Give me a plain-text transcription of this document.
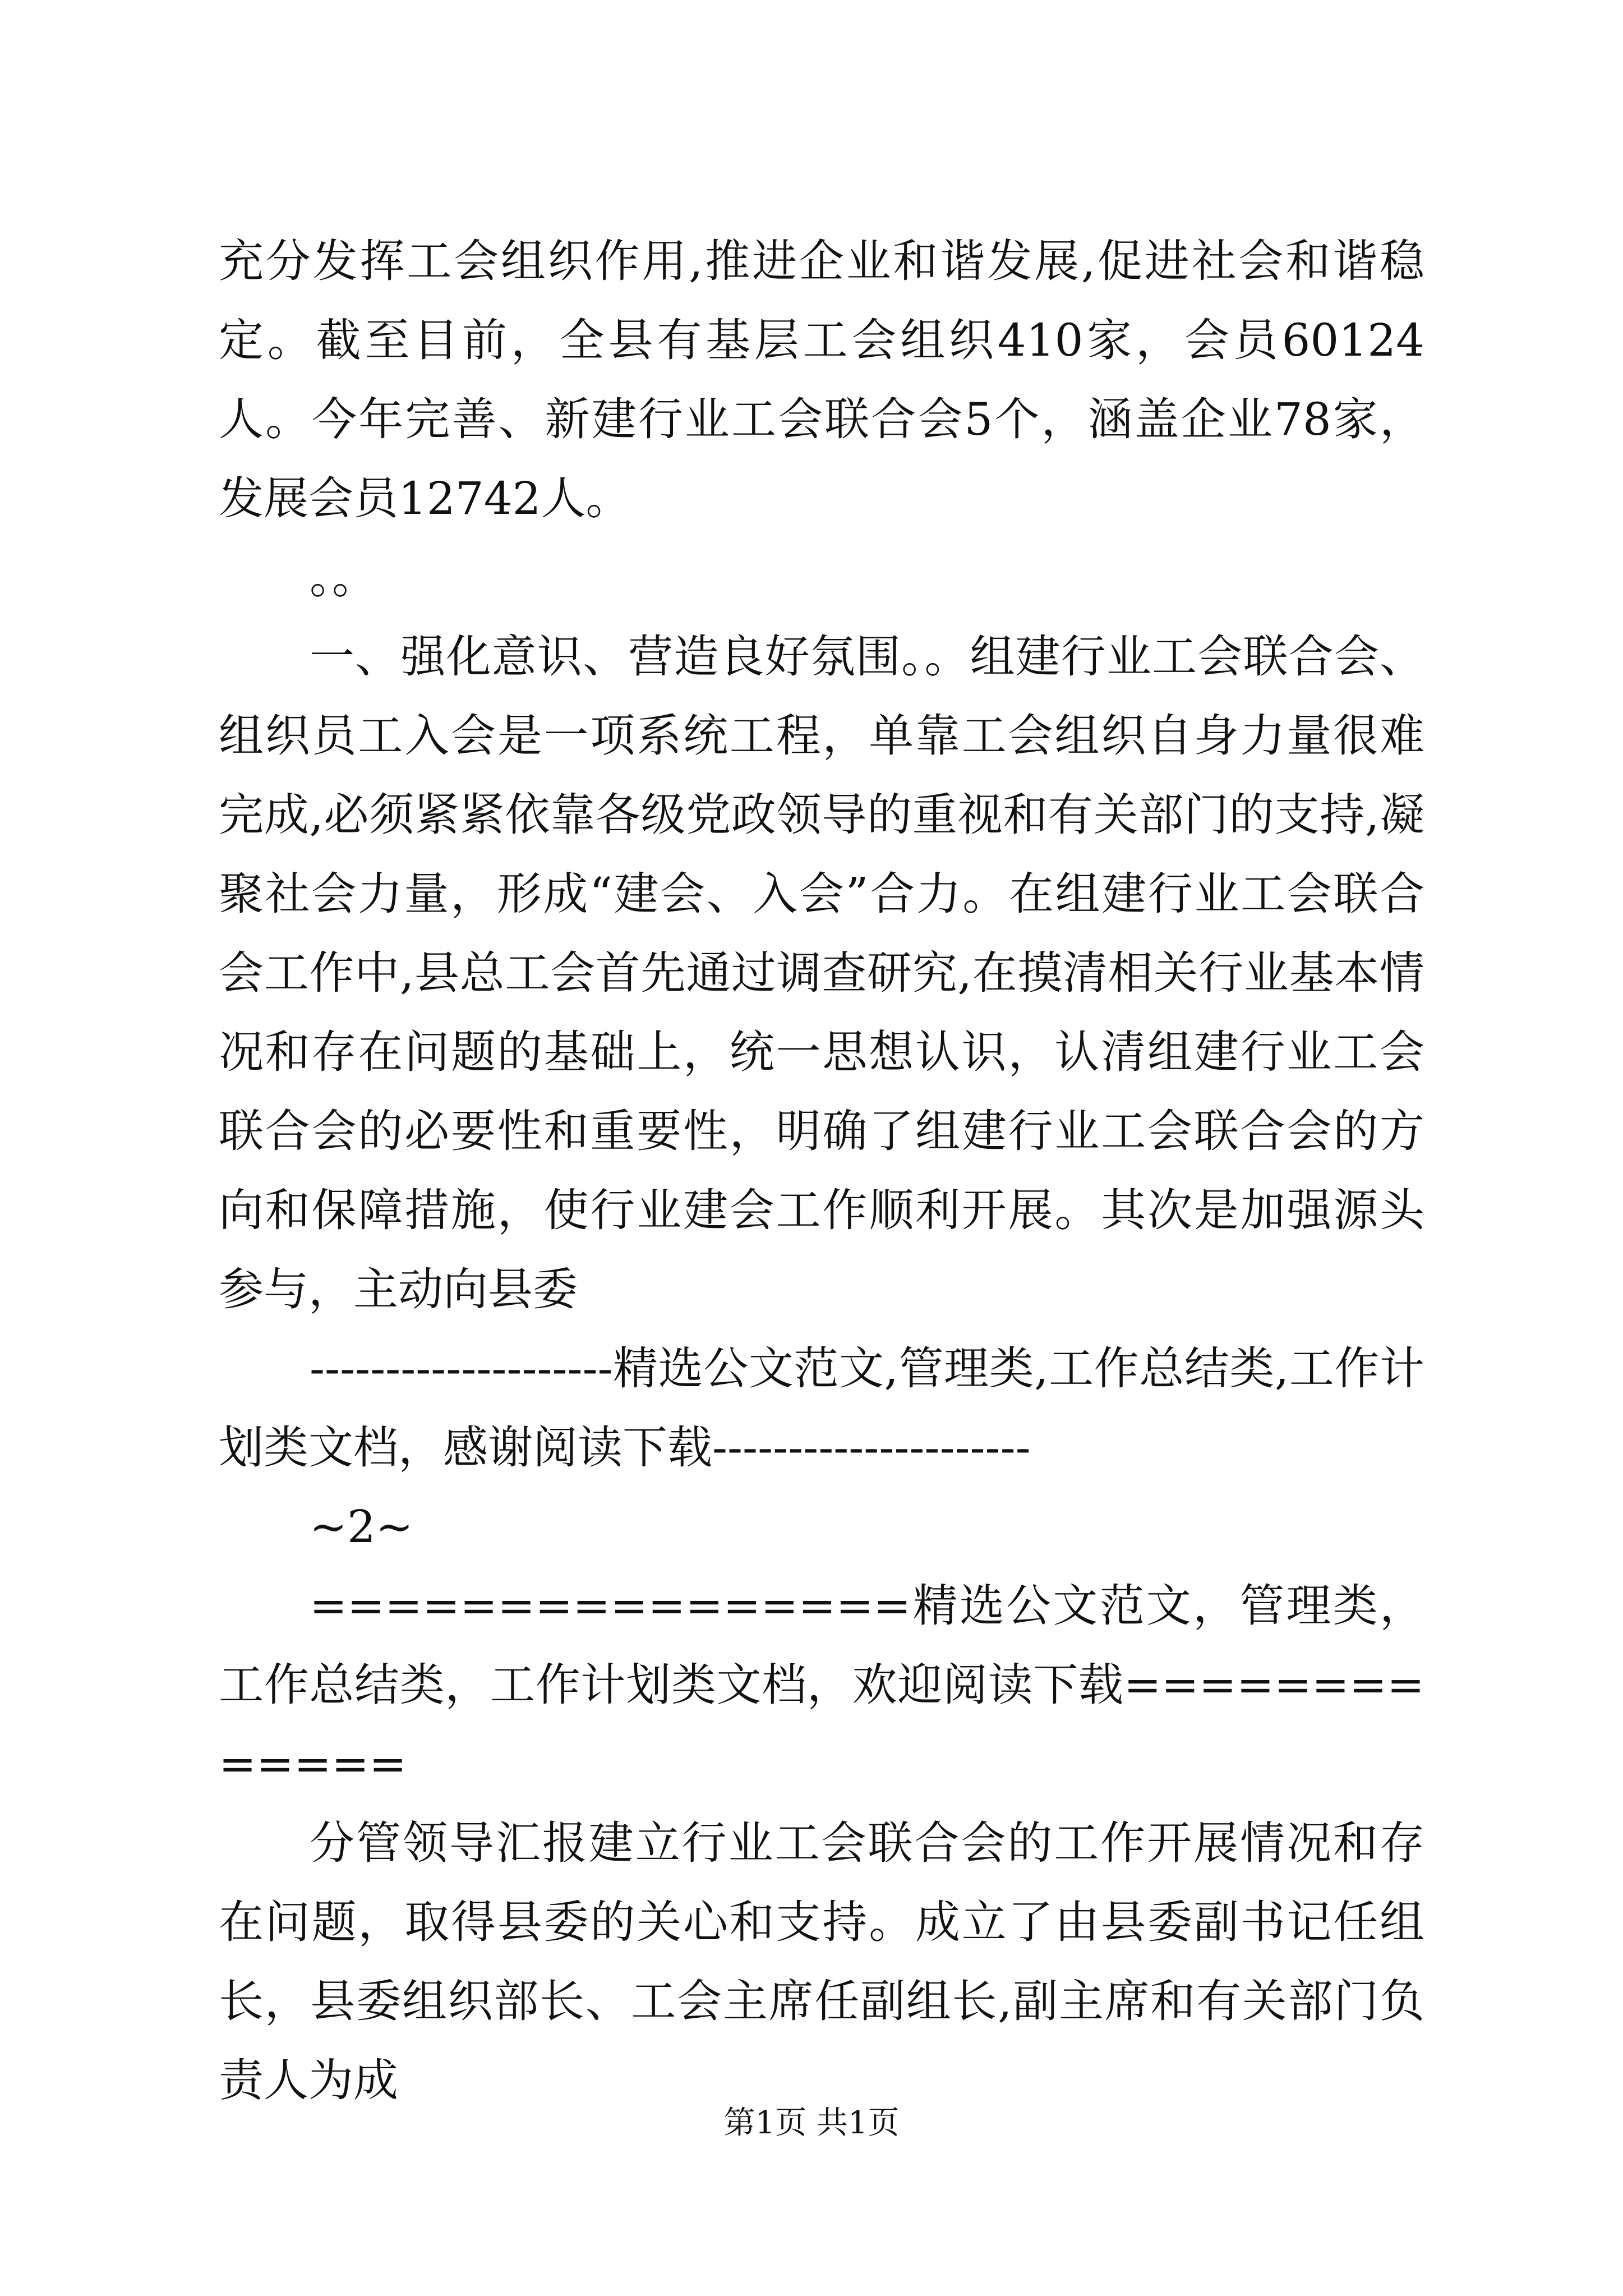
充分发挥工会组织作用,推进企业和谐发展,促进社会和谐稳定。截至目前，全县有基层工会组织410家，会员60124人。今年完善、新建行业工会联合会5个，涵盖企业78家，发展会员12742人。

。。

一、强化意识、营造良好氛围。。组建行业工会联合会、组织员工入会是一项系统工程，单靠工会组织自身力量很难完成,必须紧紧依靠各级党政领导的重视和有关部门的支持,凝聚社会力量，形成“建会、入会”合力。在组建行业工会联合会工作中,县总工会首先通过调查研究,在摸清相关行业基本情况和存在问题的基础上，统一思想认识，认清组建行业工会联合会的必要性和重要性，明确了组建行业工会联合会的方向和保障措施，使行业建会工作顺利开展。其次是加强源头参与，主动向县委

--------------------精选公文范文,管理类,工作总结类,工作计划类文档，感谢阅读下载---------------------

~2~

================精选公文范文，管理类，工作总结类，工作计划类文档，欢迎阅读下载=============

分管领导汇报建立行业工会联合会的工作开展情况和存在问题，取得县委的关心和支持。成立了由县委副书记任组长，县委组织部长、工会主席任副组长,副主席和有关部门负责人为成

第1页 共1页
